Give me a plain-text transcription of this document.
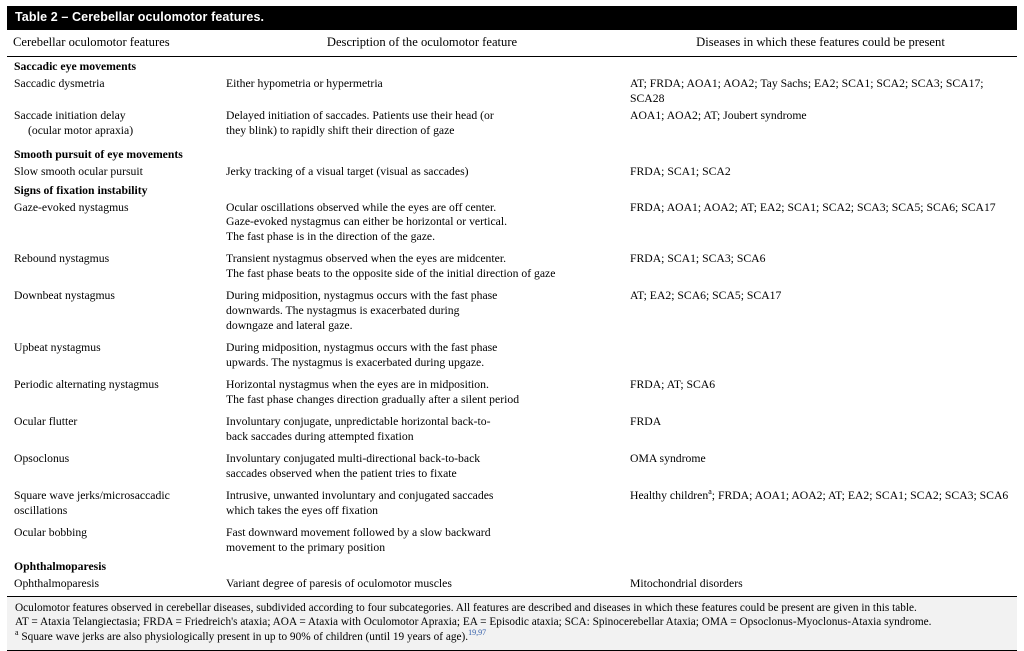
Table 2 – Cerebellar oculomotor features.
Cerebellar oculomotor features	Description of the oculomotor feature	Diseases in which these features could be present

Saccadic eye movements		

Saccadic dysmetria	Either hypometria or hypermetria	AT; FRDA; AOA1; AOA2; Tay Sachs; EA2; SCA1; SCA2; SCA3; SCA17; SCA28

Saccade initiation delay
(ocular motor apraxia)	Delayed initiation of saccades. Patients use their head (or
they blink) to rapidly shift their direction of gaze	AOA1; AOA2; AT; Joubert syndrome

Smooth pursuit of eye movements		

Slow smooth ocular pursuit	Jerky tracking of a visual target (visual as saccades)	FRDA; SCA1; SCA2

Signs of fixation instability		

Gaze-evoked nystagmus	Ocular oscillations observed while the eyes are off center.
Gaze-evoked nystagmus can either be horizontal or vertical.
The fast phase is in the direction of the gaze.	FRDA; AOA1; AOA2; AT; EA2; SCA1; SCA2; SCA3; SCA5; SCA6; SCA17

Rebound nystagmus	Transient nystagmus observed when the eyes are midcenter.
The fast phase beats to the opposite side of the initial direction of gaze	FRDA; SCA1; SCA3; SCA6

Downbeat nystagmus	During midposition, nystagmus occurs with the fast phase
downwards. The nystagmus is exacerbated during
downgaze and lateral gaze.	AT; EA2; SCA6; SCA5; SCA17

Upbeat nystagmus	During midposition, nystagmus occurs with the fast phase
upwards. The nystagmus is exacerbated during upgaze.	

Periodic alternating nystagmus	Horizontal nystagmus when the eyes are in midposition.
The fast phase changes direction gradually after a silent period	FRDA; AT; SCA6

Ocular flutter	Involuntary conjugate, unpredictable horizontal back-to-
back saccades during attempted fixation	FRDA

Opsoclonus	Involuntary conjugated multi-directional back-to-back
saccades observed when the patient tries to fixate	OMA syndrome

Square wave jerks/microsaccadic
oscillations	Intrusive, unwanted involuntary and conjugated saccades
which takes the eyes off fixation	Healthy children$^a$; FRDA; AOA1; AOA2; AT; EA2; SCA1; SCA2; SCA3; SCA6

Ocular bobbing	Fast downward movement followed by a slow backward
movement to the primary position	

Ophthalmoparesis		

Ophthalmoparesis	Variant degree of paresis of oculomotor muscles	Mitochondrial disorders

Oculomotor features observed in cerebellar diseases, subdivided according to four subcategories. All features are described and diseases in which these features could be present are given in this table.

AT = Ataxia Telangiectasia; FRDA = Friedreich's ataxia; AOA = Ataxia with Oculomotor Apraxia; EA = Episodic ataxia; SCA: Spinocerebellar Ataxia; OMA = Opsoclonus-Myoclonus-Ataxia syndrome.

$^a$ Square wave jerks are also physiologically present in up to 90% of children (until 19 years of age).$^{19,97}$
